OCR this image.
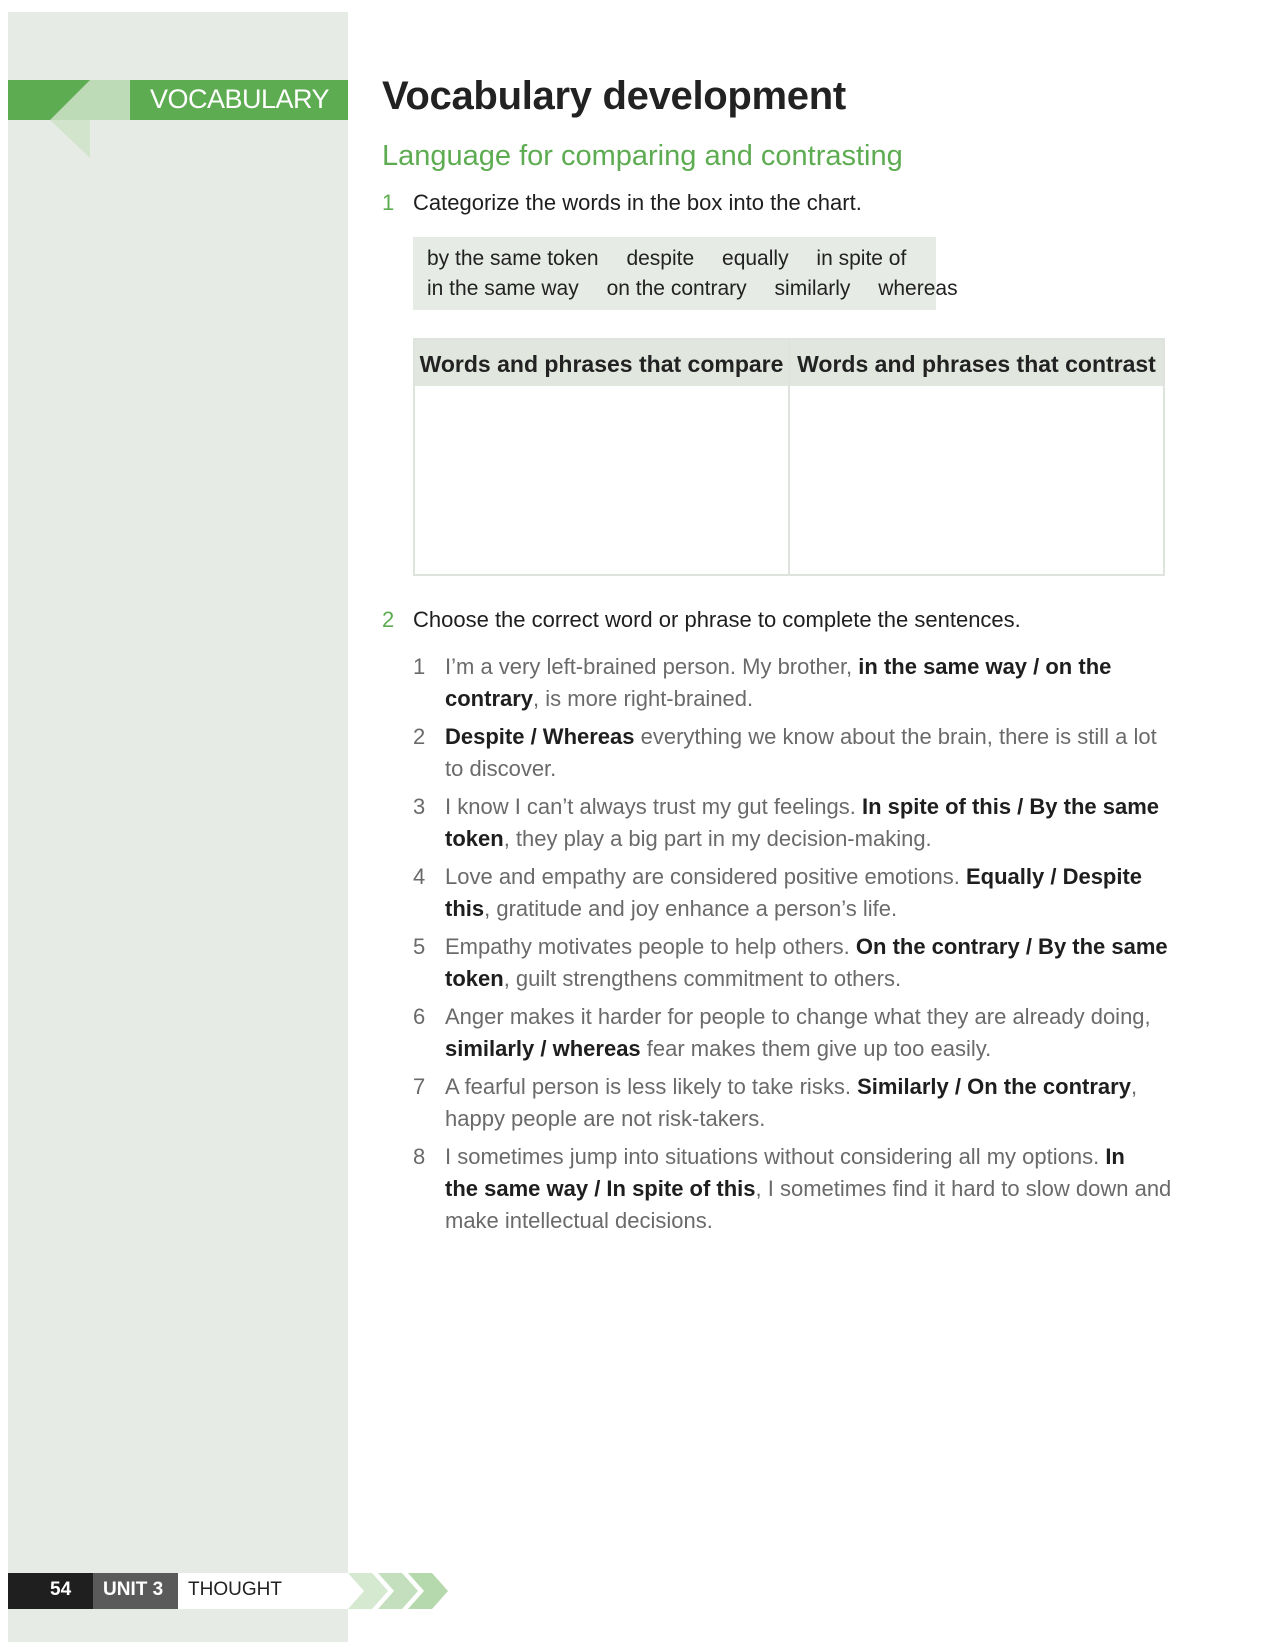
VOCABULARY Vocabulary development
Language for comparing and contrasting
1 Categorize the words in the box into the chart.
by the same token despite equally in spite of
in the same way on the contrary similarly whereas
Words and phrases that compare Words and phrases that contrast
2 Choose the correct word or phrase to complete the sentences.
1 I’m a very left-brained person. My brother, in the same way / on the
contrary, is more right-brained.
2 Despite / Whereas everything we know about the brain, there is still a lot
to discover.
3 I know I can’t always trust my gut feelings. In spite of this / By the same
token, they play a big part in my decision-making.
4 Love and empathy are considered positive emotions. Equally / Despite
this, gratitude and joy enhance a person’s life.
5 Empathy motivates people to help others. On the contrary / By the same
token, guilt strengthens commitment to others.
6 Anger makes it harder for people to change what they are already doing,
similarly / whereas fear makes them give up too easily.
7 A fearful person is less likely to take risks. Similarly / On the contrary,
happy people are not risk-takers.
8 I sometimes jump into situations without considering all my options. In
the same way / In spite of this, I sometimes find it hard to slow down and
make intellectual decisions.
54 UNIT 3 THOUGHT
